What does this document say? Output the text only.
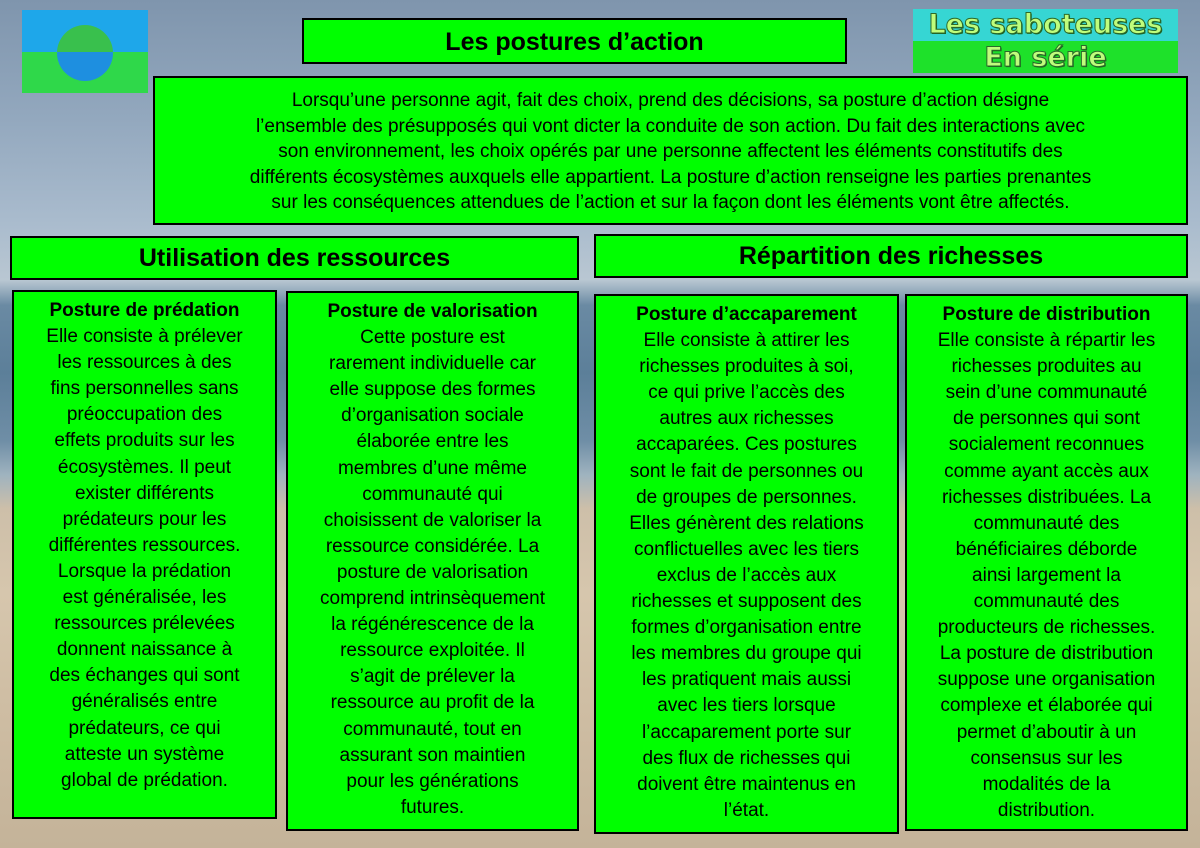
Les saboteuses
En série
Les postures d’action
Lorsqu’une personne agit, fait des choix, prend des décisions, sa posture d’action désigne
l’ensemble des présupposés qui vont dicter la conduite de son action. Du fait des interactions avec
son environnement, les choix opérés par une personne affectent les éléments constitutifs des
différents écosystèmes auxquels elle appartient. La posture d’action renseigne les parties prenantes
sur les conséquences attendues de l’action et sur la façon dont les éléments vont être affectés.
Utilisation des ressources	Répartition des richesses
Posture de prédation
Elle consiste à prélever
les ressources à des
fins personnelles sans
préoccupation des
effets produits sur les
écosystèmes. Il peut
exister différents
prédateurs pour les
différentes ressources.
Lorsque la prédation
est généralisée, les
ressources prélevées
donnent naissance à
des échanges qui sont
généralisés entre
prédateurs, ce qui
atteste un système
global de prédation.
Posture de valorisation
Cette posture est
rarement individuelle car
elle suppose des formes
d’organisation sociale
élaborée entre les
membres d’une même
communauté qui
choisissent de valoriser la
ressource considérée. La
posture de valorisation
comprend intrinsèquement
la régénérescence de la
ressource exploitée. Il
s’agit de prélever la
ressource au profit de la
communauté, tout en
assurant son maintien
pour les générations
futures.
Posture d’accaparement
Elle consiste à attirer les
richesses produites à soi,
ce qui prive l’accès des
autres aux richesses
accaparées. Ces postures
sont le fait de personnes ou
de groupes de personnes.
Elles génèrent des relations
conflictuelles avec les tiers
exclus de l’accès aux
richesses et supposent des
formes d’organisation entre
les membres du groupe qui
les pratiquent mais aussi
avec les tiers lorsque
l’accaparement porte sur
des flux de richesses qui
doivent être maintenus en
l’état.
Posture de distribution
Elle consiste à répartir les
richesses produites au
sein d’une communauté
de personnes qui sont
socialement reconnues
comme ayant accès aux
richesses distribuées. La
communauté des
bénéficiaires déborde
ainsi largement la
communauté des
producteurs de richesses.
La posture de distribution
suppose une organisation
complexe et élaborée qui
permet d’aboutir à un
consensus sur les
modalités de la
distribution.
